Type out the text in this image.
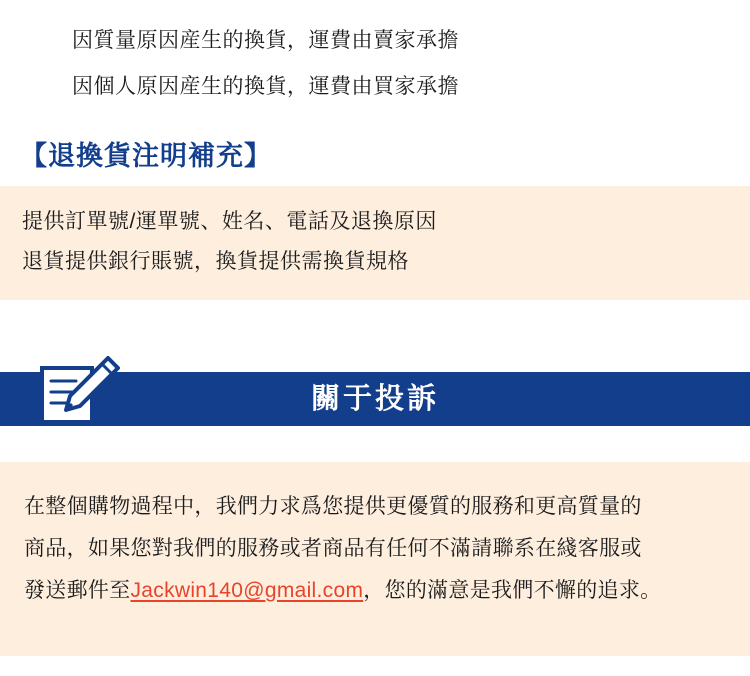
因質量原因産生的換貨，運費由賣家承擔
因個人原因産生的換貨，運費由買家承擔
【退換貨注明補充】
提供訂單號/運單號、姓名、電話及退換原因
退貨提供銀行賬號，換貨提供需換貨規格
關于投訴
在整個購物過程中，我們力求爲您提供更優質的服務和更高質量的
商品，如果您對我們的服務或者商品有任何不滿請聯系在綫客服或
發送郵件至Jackwin140@gmail.com，您的滿意是我們不懈的追求。
